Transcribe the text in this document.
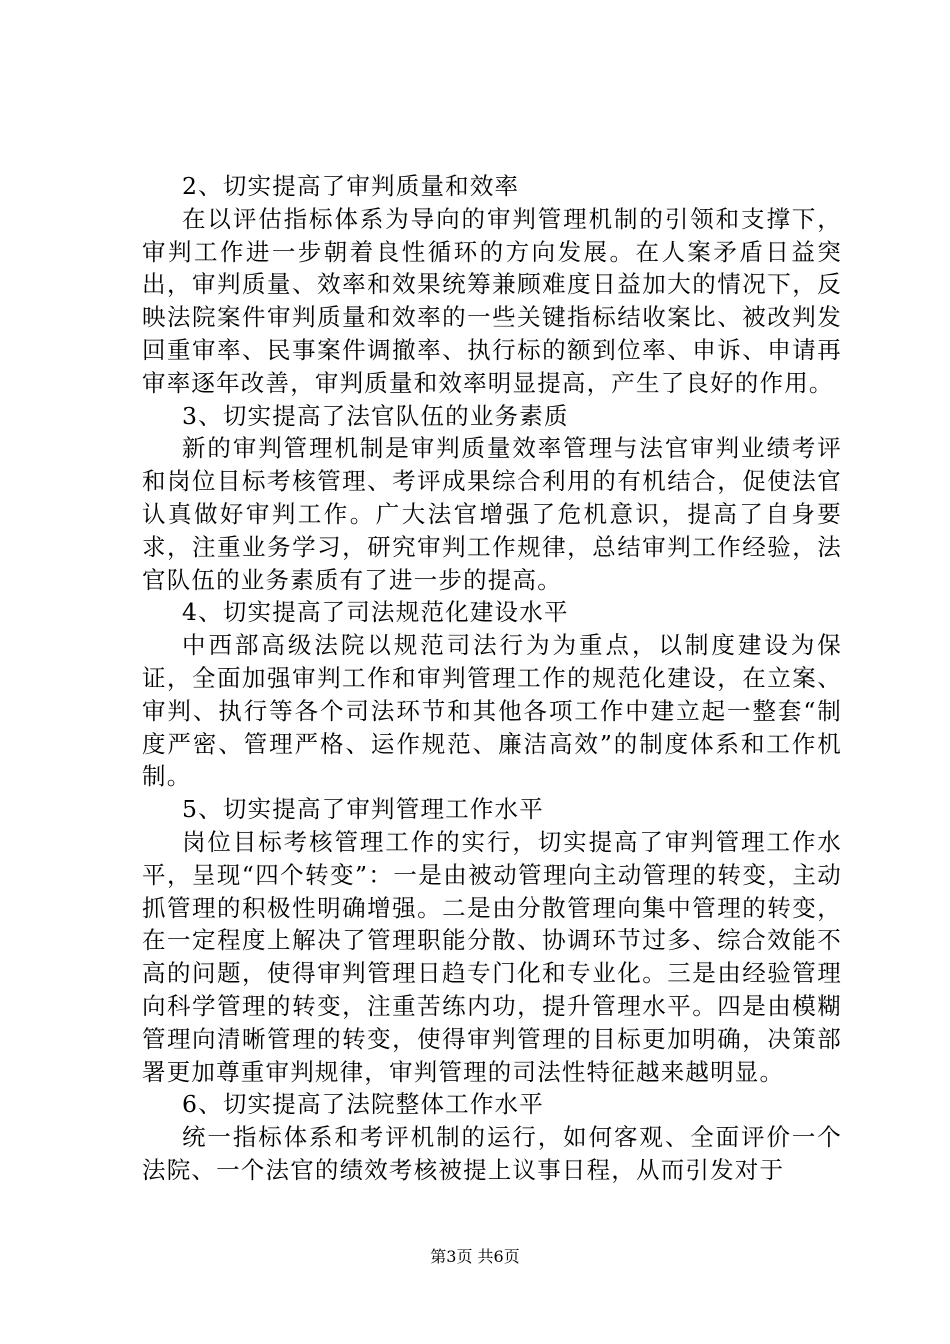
2、切实提高了审判质量和效率

在以评估指标体系为导向的审判管理机制的引领和支撑下，审判工作进一步朝着良性循环的方向发展。在人案矛盾日益突出，审判质量、效率和效果统筹兼顾难度日益加大的情况下，反映法院案件审判质量和效率的一些关键指标结收案比、被改判发回重审率、民事案件调撤率、执行标的额到位率、申诉、申请再审率逐年改善，审判质量和效率明显提高，产生了良好的作用。

3、切实提高了法官队伍的业务素质

新的审判管理机制是审判质量效率管理与法官审判业绩考评和岗位目标考核管理、考评成果综合利用的有机结合，促使法官认真做好审判工作。广大法官增强了危机意识，提高了自身要求，注重业务学习，研究审判工作规律，总结审判工作经验，法官队伍的业务素质有了进一步的提高。

4、切实提高了司法规范化建设水平

中西部高级法院以规范司法行为为重点，以制度建设为保证，全面加强审判工作和审判管理工作的规范化建设，在立案、审判、执行等各个司法环节和其他各项工作中建立起一整套“制度严密、管理严格、运作规范、廉洁高效”的制度体系和工作机制。

5、切实提高了审判管理工作水平

岗位目标考核管理工作的实行，切实提高了审判管理工作水平，呈现“四个转变”：一是由被动管理向主动管理的转变，主动抓管理的积极性明确增强。二是由分散管理向集中管理的转变，在一定程度上解决了管理职能分散、协调环节过多、综合效能不高的问题，使得审判管理日趋专门化和专业化。三是由经验管理向科学管理的转变，注重苦练内功，提升管理水平。四是由模糊管理向清晰管理的转变，使得审判管理的目标更加明确，决策部署更加尊重审判规律，审判管理的司法性特征越来越明显。

6、切实提高了法院整体工作水平

统一指标体系和考评机制的运行，如何客观、全面评价一个法院、一个法官的绩效考核被提上议事日程，从而引发对于

第3页 共6页
